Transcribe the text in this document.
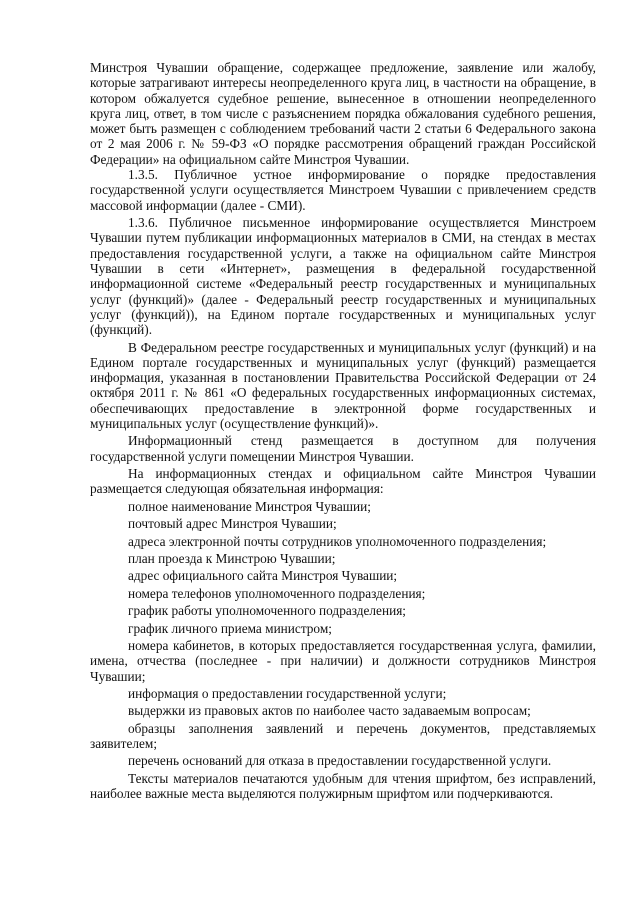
Минстроя Чувашии обращение, содержащее предложение, заявление или жалобу, которые затрагивают интересы неопределенного круга лиц, в частности на обращение, в котором обжалуется судебное решение, вынесенное в отношении неопределенного круга лиц, ответ, в том числе с разъяснением порядка обжалования судебного решения, может быть размещен с соблюдением требований части 2 статьи 6 Федерального закона от 2 мая 2006 г. № 59-ФЗ «О порядке рассмотрения обращений граждан Российской Федерации» на официальном сайте Минстроя Чувашии.

1.3.5. Публичное устное информирование о порядке предоставления государственной услуги осуществляется Минстроем Чувашии с привлечением средств массовой информации (далее - СМИ).

1.3.6. Публичное письменное информирование осуществляется Минстроем Чувашии путем публикации информационных материалов в СМИ, на стендах в местах предоставления государственной услуги, а также на официальном сайте Минстроя Чувашии в сети «Интернет», размещения в федеральной государственной информационной системе «Федеральный реестр государственных и муниципальных услуг (функций)» (далее - Федеральный реестр государственных и муниципальных услуг (функций)), на Едином портале государственных и муниципальных услуг (функций).

В Федеральном реестре государственных и муниципальных услуг (функций) и на Едином портале государственных и муниципальных услуг (функций) размещается информация, указанная в постановлении Правительства Российской Федерации от 24 октября 2011 г. № 861 «О федеральных государственных информационных системах, обеспечивающих предоставление в электронной форме государственных и муниципальных услуг (осуществление функций)».

Информационный стенд размещается в доступном для получения государственной услуги помещении Минстроя Чувашии.

На информационных стендах и официальном сайте Минстроя Чувашии размещается следующая обязательная информация:

полное наименование Минстроя Чувашии;

почтовый адрес Минстроя Чувашии;

адреса электронной почты сотрудников уполномоченного подразделения;

план проезда к Минстрою Чувашии;

адрес официального сайта Минстроя Чувашии;

номера телефонов уполномоченного подразделения;

график работы уполномоченного подразделения;

график личного приема министром;

номера кабинетов, в которых предоставляется государственная услуга, фамилии, имена, отчества (последнее - при наличии) и должности сотрудников Минстроя Чувашии;

информация о предоставлении государственной услуги;

выдержки из правовых актов по наиболее часто задаваемым вопросам;

образцы заполнения заявлений и перечень документов, представляемых заявителем;

перечень оснований для отказа в предоставлении государственной услуги.

Тексты материалов печатаются удобным для чтения шрифтом, без исправлений, наиболее важные места выделяются полужирным шрифтом или подчеркиваются.
